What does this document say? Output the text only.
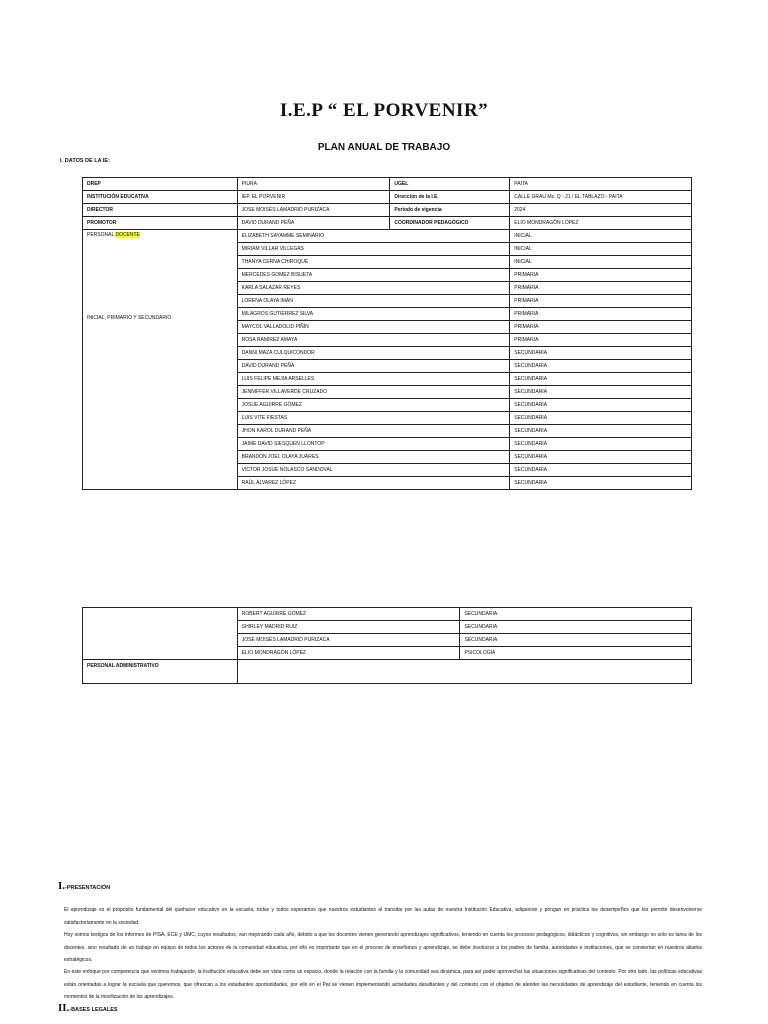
I.E.P “ EL PORVENIR”
PLAN ANUAL DE TRABAJO
I. DATOS DE LA IE:
DREP	PIURA	UGEL	PAITA
INSTITUCIÓN EDUCATIVA	IEP. EL PORVENIR	Dirección de la I.E	CALLE GRAU Mz. Q - 21 / EL TABLAZO - PAITA
DIRECTOR	JOSE MOISÉS LAMADRID PURIZACA	Periodo de vigencia	2024
PROMOTOR	DAVID DURAND PEÑA	COORDINADOR PEDAGÓGICO	ELIO MONDRAGÓN LÓPEZ

PERSONAL DOCENTE
INICIAL, PRIMARIO Y SECUNDARIO	ELIZABETH SAYAMME SEMINARIO		INICIAL
	MIRIAM VILLAR VILLEGAS		INICIAL
	THANYA CERNA CHIROQUE		INICIAL
	MERCEDES GOMEZ BISUETA		PRIMARIA
	KARLA SALAZAR REYES		PRIMARIA
	LORENA OLAYA IMÁN		PRIMARIA
	MILAGROS GUTIÉRREZ SILVA		PRIMARIA
	MAYCOL VALLADOLID PIÑÍN		PRIMARIA
	ROSA RAMIREZ AMAYA		PRIMARIA
	DANNI MAZA CULQUICONDOR		SECUNDARIA
	DAVID DURAND PEÑA		SECUNDARIA
	LUIS FELIPE MEJIA ARSELLES		SECUNDARIA
	JENNIFFER VILLAVERDE CRUZADO		SECUNDARIA
	JOSUE AGUIRRE GÓMEZ		SECUNDARIA
	LUIS VITE FIESTAS		SECUNDARIA
	JHON KAROL DURAND PEÑA		SECUNDARIA
	JAIME DAVID SIESQUEN LLONTOP		SECUNDARIA
	BRANDON JOEL OLAYA JUARES		SECUNDARIA
	VICTOR JOSUÉ NOLASCO SANDOVAL		SECUNDARIA
	RAÚL ÁLVAREZ LÓPEZ		SECUNDARIA
	ROBERT AGUIRRE GÓMEZ	SECUNDARIA
	SHIRLEY MADRID RUIZ	SECUNDARIA
	JOSÉ MOISÉS LAMADRID PURIZACA	SECUNDARIA
	ELIO MONDRAGÓN LÓPEZ	PSICOLOGÍA
PERSONAL ADMINISTRATIVO		
I.-PRESENTACIÓN
El aprendizaje es el propósito fundamental del quehacer educativo en la escuela, todas y todos esperamos que nuestros estudiantes al transitar por las aulas de nuestra Institución Educativa, adquieran y pongan en práctica los desempeños que les permite desenvolverse satisfactoriamente en la sociedad.
Hoy somos testigos de los informes de PISA, ECE y UMC, cuyos resultados, van mejorando cada año, debido a que los docentes vienen generando aprendizajes significativos, teniendo en cuenta los procesos pedagógicos, didácticos y cognitivos, sin embargo no solo es tarea de los docentes, sino resultado de un trabajo en equipo de todos los actores de la comunidad educativa, por ello es importante que en el proceso de enseñanza y aprendizaje, se debe involucrar a los padres de familia, autoridades e instituciones, que se conviertan en nuestros aliados estratégicos.
En este enfoque por competencia que venimos trabajando, la Institución educativa debe ser vista como un espacio, donde la relación con la familia y la comunidad sea dinámica, para así poder aprovechar las situaciones significativas del contexto. Por otro lado, las políticas educativas están orientadas a lograr la escuela que queremos, que ofrezcan a los estudiantes oportunidades, por ello en el Pat se vienen implementando actividades desafiantes y del contexto con el objetivo de atender las necesidades de aprendizaje del estudiante, teniendo en cuenta los momentos de la movilización de los aprendizajes.
II.-BASES LEGALES
